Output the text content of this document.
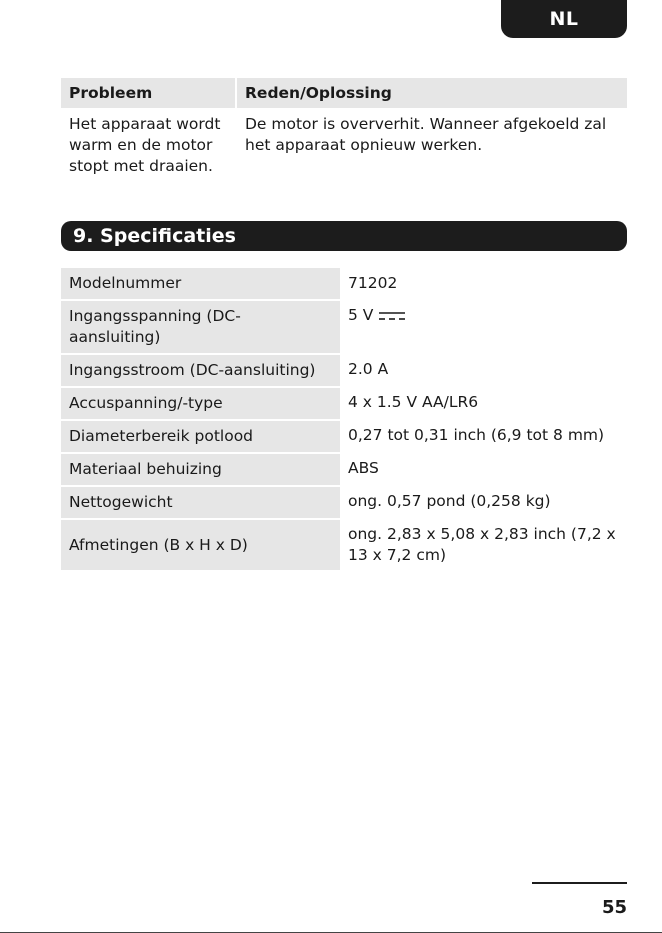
NL
Probleem	Reden/Oplossing
Het apparaat wordt warm en de motor stopt met draaien.	De motor is oververhit. Wanneer afgekoeld zal het apparaat opnieuw werken.
9. Specificaties
Modelnummer	71202
Ingangsspanning (DC-aansluiting)	5 V
Ingangsstroom (DC-aansluiting)	2.0 A
Accuspanning/-type	4 x 1.5 V AA/LR6
Diameterbereik potlood	0,27 tot 0,31 inch (6,9 tot 8 mm)
Materiaal behuizing	ABS
Nettogewicht	ong. 0,57 pond (0,258 kg)
Afmetingen (B x H x D)	ong. 2,83 x 5,08 x 2,83 inch (7,2 x 13 x 7,2 cm)
55
